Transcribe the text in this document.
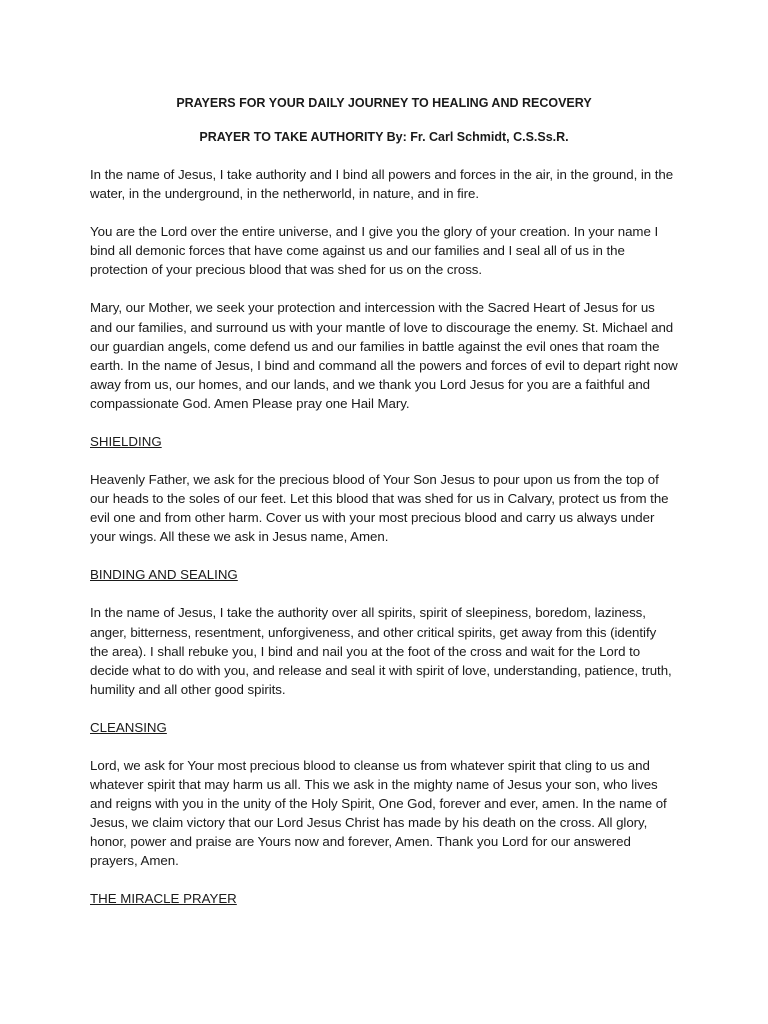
PRAYERS FOR YOUR DAILY JOURNEY TO HEALING AND RECOVERY
PRAYER TO TAKE AUTHORITY By: Fr. Carl Schmidt, C.S.Ss.R.

In the name of Jesus, I take authority and I bind all powers and forces in the air, in the ground, in the water, in the underground, in the netherworld, in nature, and in fire.

You are the Lord over the entire universe, and I give you the glory of your creation. In your name I bind all demonic forces that have come against us and our families and I seal all of us in the protection of your precious blood that was shed for us on the cross.

Mary, our Mother, we seek your protection and intercession with the Sacred Heart of Jesus for us and our families, and surround us with your mantle of love to discourage the enemy. St. Michael and our guardian angels, come defend us and our families in battle against the evil ones that roam the earth. In the name of Jesus, I bind and command all the powers and forces of evil to depart right now away from us, our homes, and our lands, and we thank you Lord Jesus for you are a faithful and compassionate God. Amen Please pray one Hail Mary.

SHIELDING

Heavenly Father, we ask for the precious blood of Your Son Jesus to pour upon us from the top of our heads to the soles of our feet. Let this blood that was shed for us in Calvary, protect us from the evil one and from other harm. Cover us with your most precious blood and carry us always under your wings. All these we ask in Jesus name, Amen.

BINDING AND SEALING

In the name of Jesus, I take the authority over all spirits, spirit of sleepiness, boredom, laziness, anger, bitterness, resentment, unforgiveness, and other critical spirits, get away from this (identify the area). I shall rebuke you, I bind and nail you at the foot of the cross and wait for the Lord to decide what to do with you, and release and seal it with spirit of love, understanding, patience, truth, humility and all other good spirits.

CLEANSING

Lord, we ask for Your most precious blood to cleanse us from whatever spirit that cling to us and whatever spirit that may harm us all. This we ask in the mighty name of Jesus your son, who lives and reigns with you in the unity of the Holy Spirit, One God, forever and ever, amen. In the name of Jesus, we claim victory that our Lord Jesus Christ has made by his death on the cross. All glory, honor, power and praise are Yours now and forever, Amen. Thank you Lord for our answered prayers, Amen.

THE MIRACLE PRAYER
